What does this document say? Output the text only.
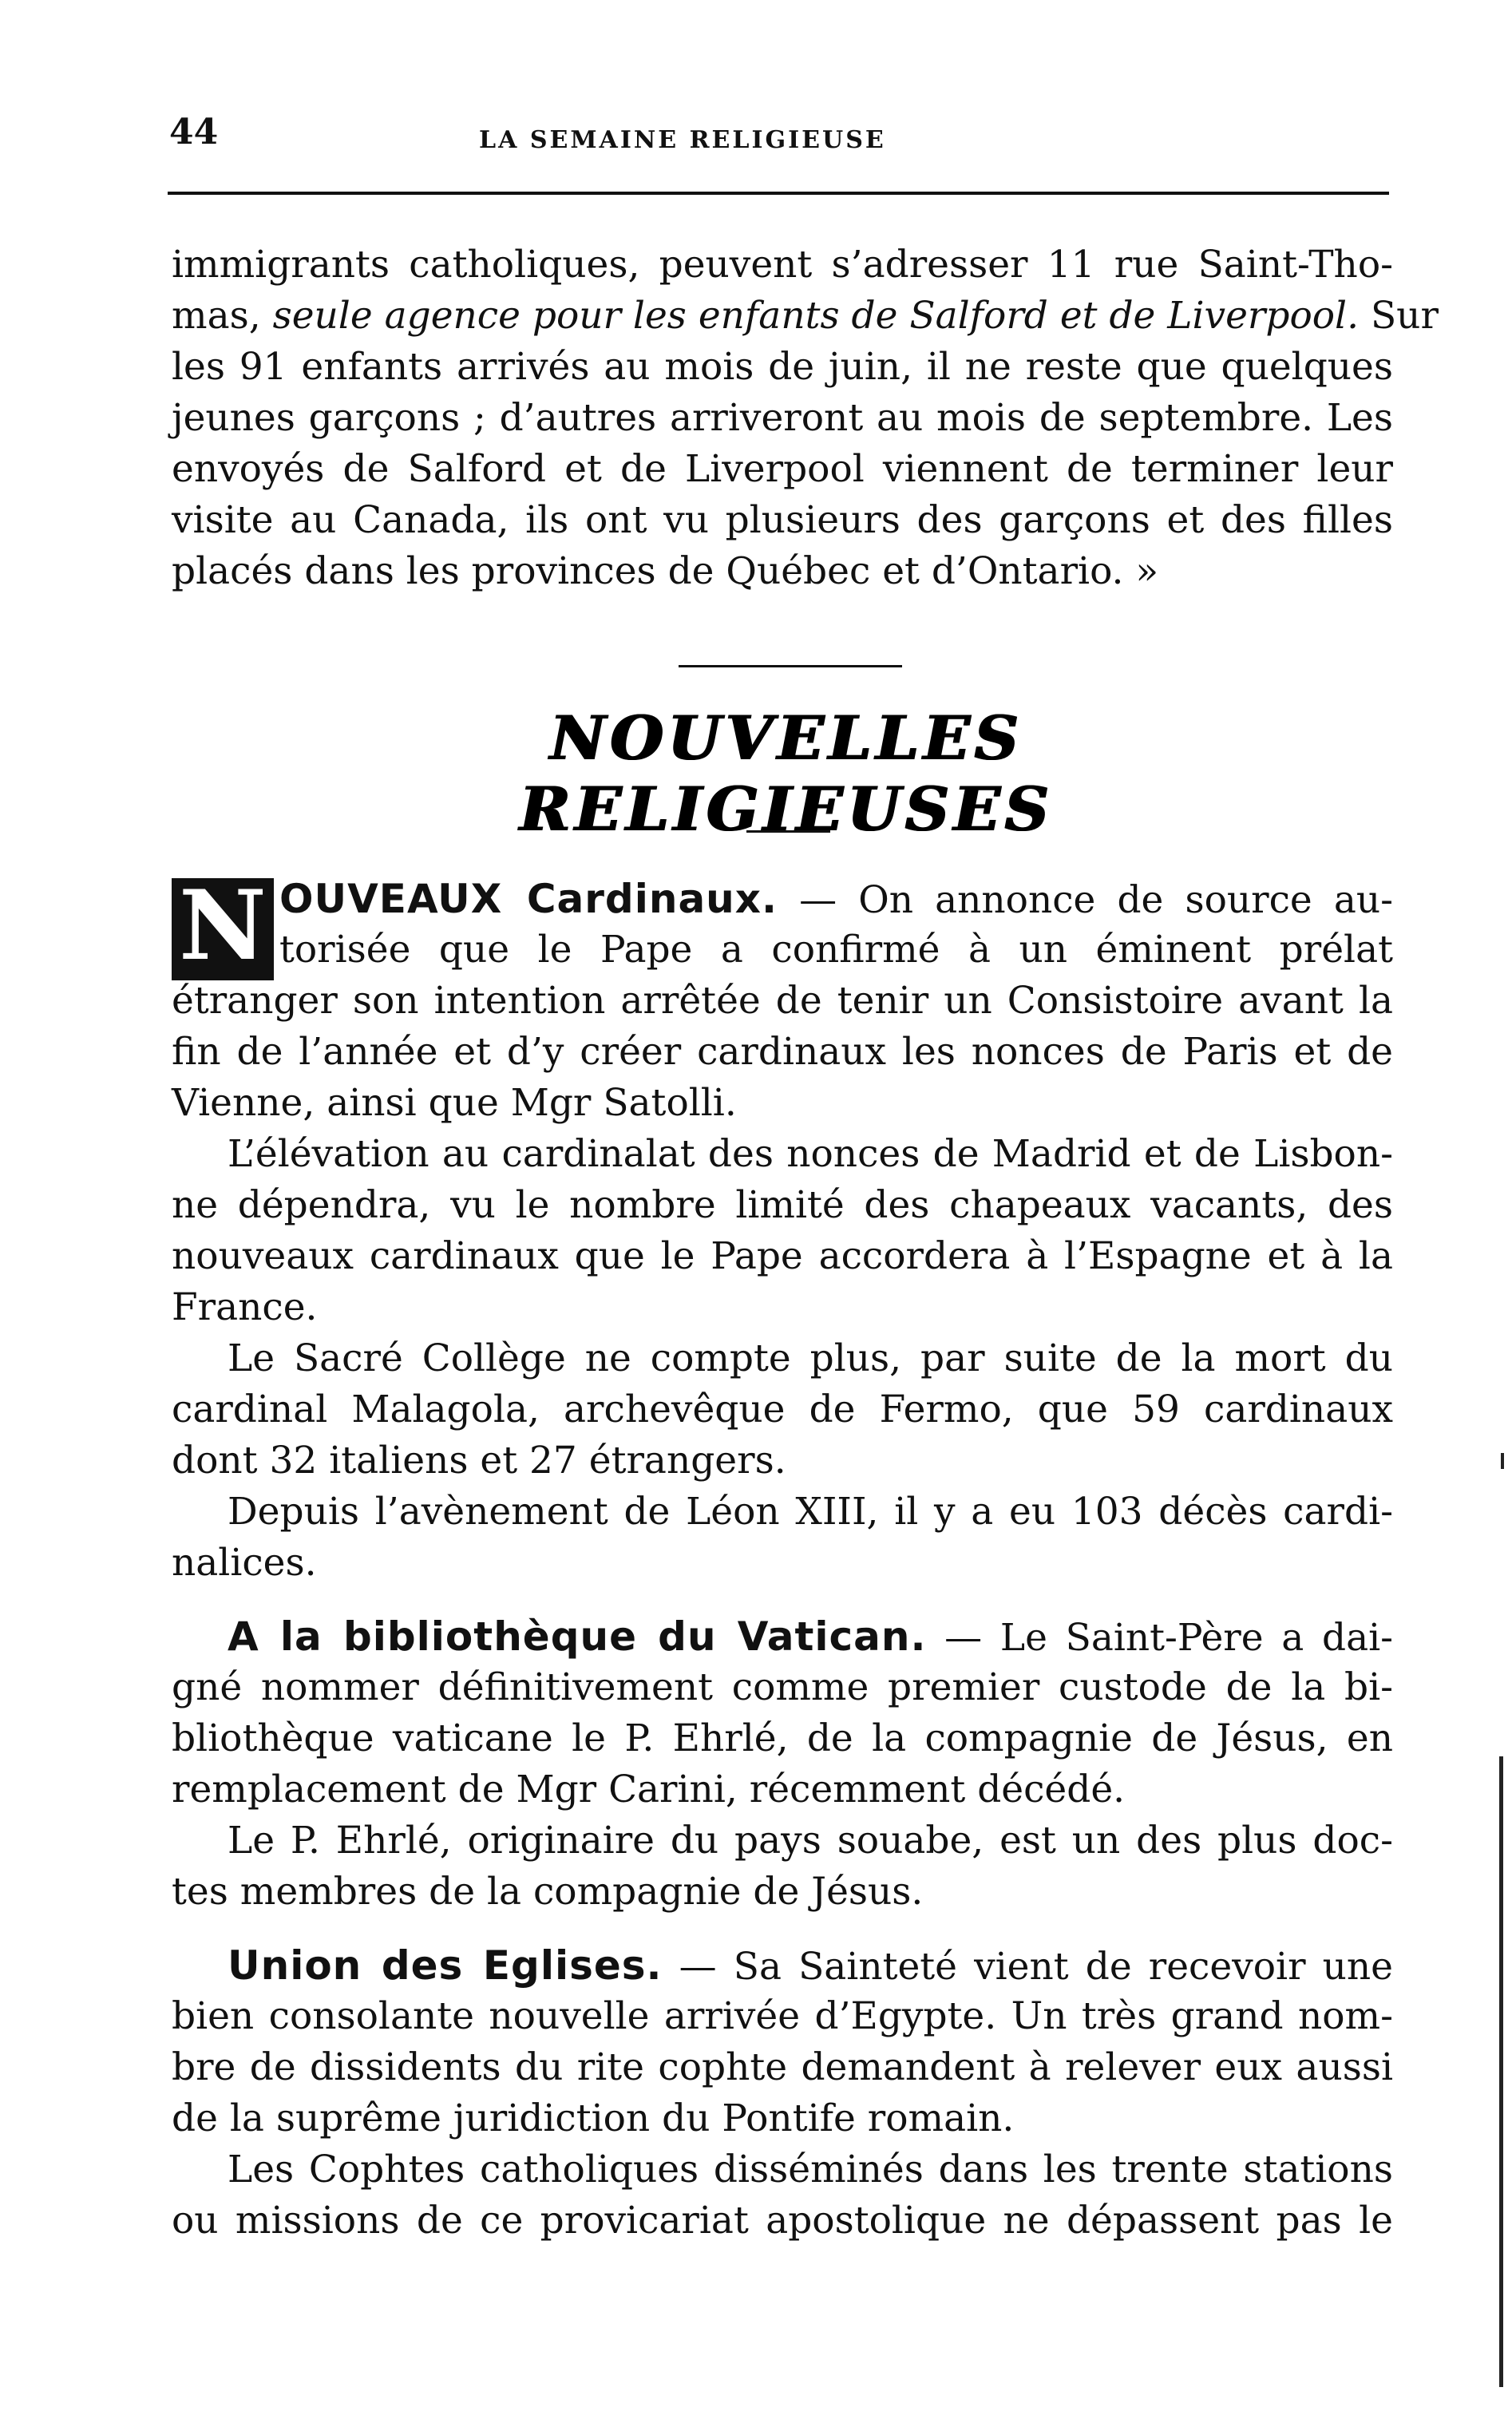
44	LA SEMAINE RELIGIEUSE
immigrants catholiques, peuvent s’adresser 11 rue Saint-Tho-
mas, seule agence pour les enfants de Salford et de Liverpool. Sur
les 91 enfants arrivés au mois de juin, il ne reste que quelques
jeunes garçons ; d’autres arriveront au mois de septembre. Les
envoyés de Salford et de Liverpool viennent de terminer leur
visite au Canada, ils ont vu plusieurs des garçons et des filles
placés dans les provinces de Québec et d’Ontario. »
NOUVELLES RELIGIEUSES
N OUVEAUX Cardinaux. — On annonce de source au-
torisée que le Pape a confirmé à un éminent prélat
étranger son intention arrêtée de tenir un Consistoire avant la
fin de l’année et d’y créer cardinaux les nonces de Paris et de
Vienne, ainsi que Mgr Satolli.
L’élévation au cardinalat des nonces de Madrid et de Lisbon-
ne dépendra, vu le nombre limité des chapeaux vacants, des
nouveaux cardinaux que le Pape accordera à l’Espagne et à la
France.
Le Sacré Collège ne compte plus, par suite de la mort du
cardinal Malagola, archevêque de Fermo, que 59 cardinaux
dont 32 italiens et 27 étrangers.
Depuis l’avènement de Léon XIII, il y a eu 103 décès cardi-
nalices.
A la bibliothèque du Vatican. — Le Saint-Père a dai-
gné nommer définitivement comme premier custode de la bi-
bliothèque vaticane le P. Ehrlé, de la compagnie de Jésus, en
remplacement de Mgr Carini, récemment décédé.
Le P. Ehrlé, originaire du pays souabe, est un des plus doc-
tes membres de la compagnie de Jésus.
Union des Eglises. — Sa Sainteté vient de recevoir une
bien consolante nouvelle arrivée d’Egypte. Un très grand nom-
bre de dissidents du rite cophte demandent à relever eux aussi
de la suprême juridiction du Pontife romain.
Les Cophtes catholiques disséminés dans les trente stations
ou missions de ce provicariat apostolique ne dépassent pas le
